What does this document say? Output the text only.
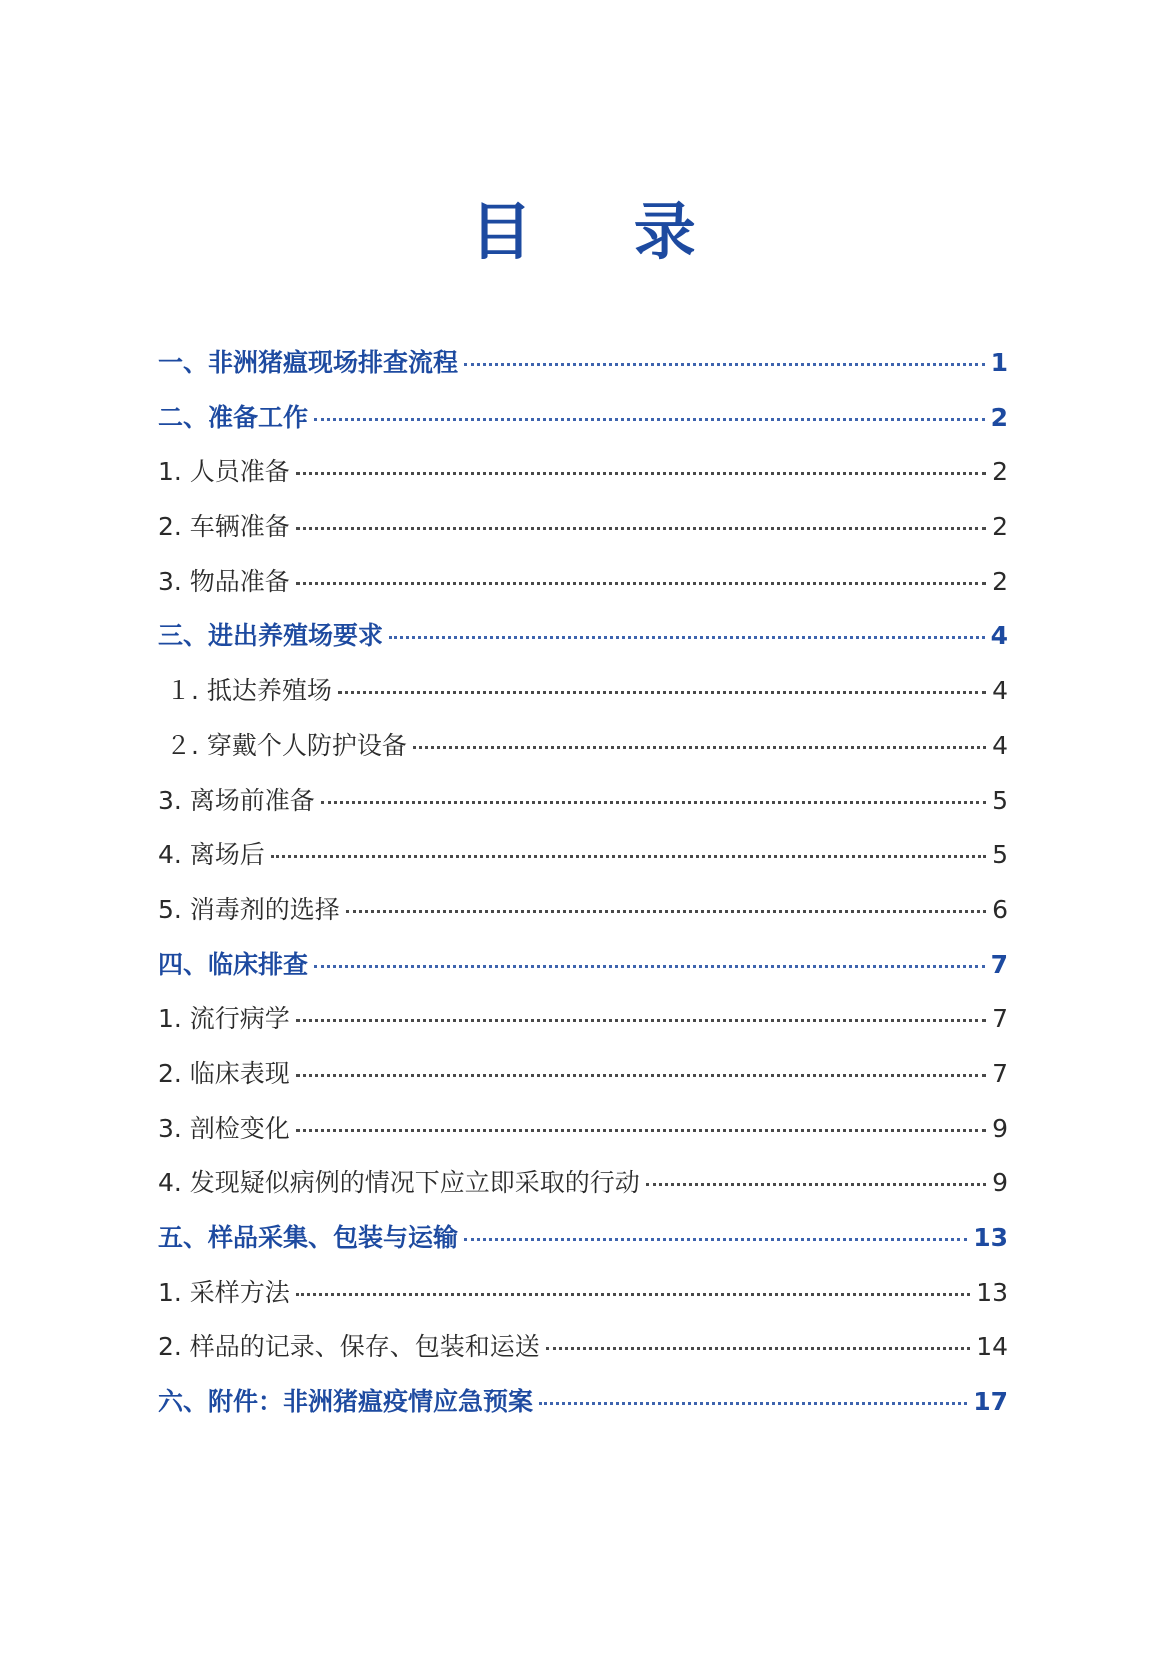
目 录
一、非洲猪瘟现场排查流程	1
二、准备工作	2
1. 人员准备	2
2. 车辆准备	2
3. 物品准备	2
三、进出养殖场要求	4
１. 抵达养殖场	4
２. 穿戴个人防护设备	4
3. 离场前准备	5
4. 离场后	5
5. 消毒剂的选择	6
四、临床排查	7
1. 流行病学	7
2. 临床表现	7
3. 剖检变化	9
4. 发现疑似病例的情况下应立即采取的行动	9
五、样品采集、包装与运输	13
1. 采样方法	13
2. 样品的记录、保存、包装和运送	14
六、附件：非洲猪瘟疫情应急预案	17
